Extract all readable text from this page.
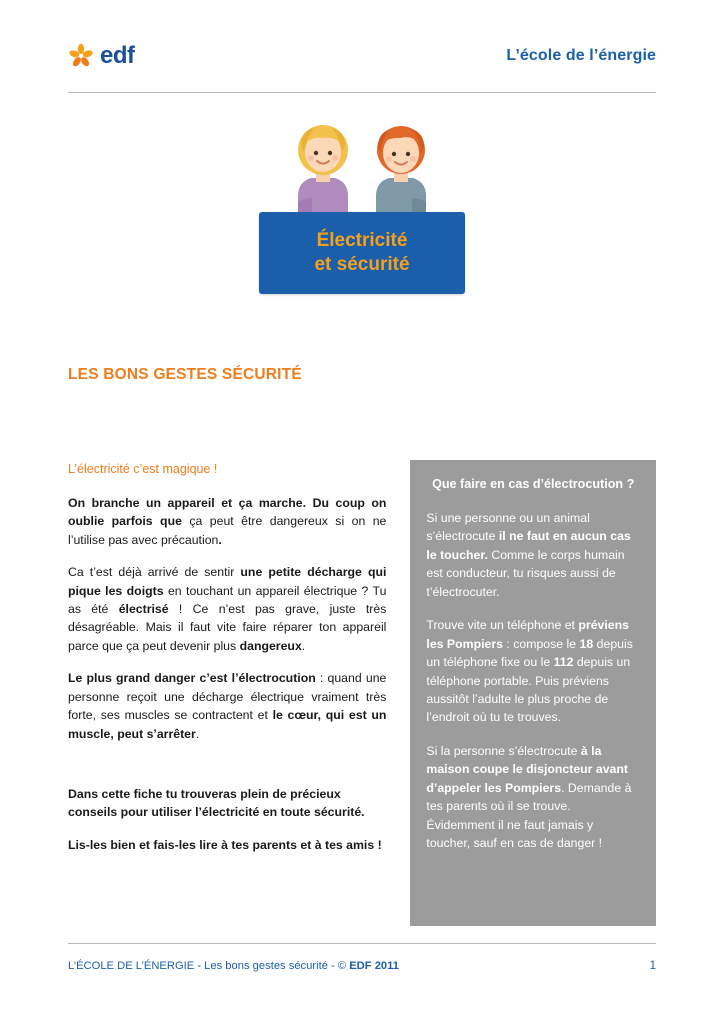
edf	L’école de l’énergie
Électricité
et sécurité
LES BONS GESTES SÉCURITÉ
L’électricité c’est magique !

On branche un appareil et ça marche. Du coup on oublie parfois que ça peut être dangereux si on ne l’utilise pas avec précaution.

Ca t’est déjà arrivé de sentir une petite décharge qui pique les doigts en touchant un appareil électrique ? Tu as été électrisé ! Ce n’est pas grave, juste très désagréable. Mais il faut vite faire réparer ton appareil parce que ça peut devenir plus dangereux.

Le plus grand danger c’est l’électrocution : quand une personne reçoit une décharge électrique vraiment très forte, ses muscles se contractent et le cœur, qui est un muscle, peut s’arrêter.

Dans cette fiche tu trouveras plein de précieux conseils pour utiliser l’électricité en toute sécurité.

Lis-les bien et fais-les lire à tes parents et à tes amis !

Que faire en cas d’électrocution ?

Si une personne ou un animal s’électrocute il ne faut en aucun cas le toucher. Comme le corps humain est conducteur, tu risques aussi de t’électrocuter.

Trouve vite un téléphone et préviens les Pompiers : compose le 18 depuis un téléphone fixe ou le 112 depuis un téléphone portable. Puis préviens aussitôt l’adulte le plus proche de l’endroit où tu te trouves.

Si la personne s’électrocute à la maison coupe le disjoncteur avant d’appeler les Pompiers. Demande à tes parents où il se trouve. Évidemment il ne faut jamais y toucher, sauf en cas de danger !

L’ÉCOLE DE L’ÉNERGIE - Les bons gestes sécurité - © EDF 2011	1
